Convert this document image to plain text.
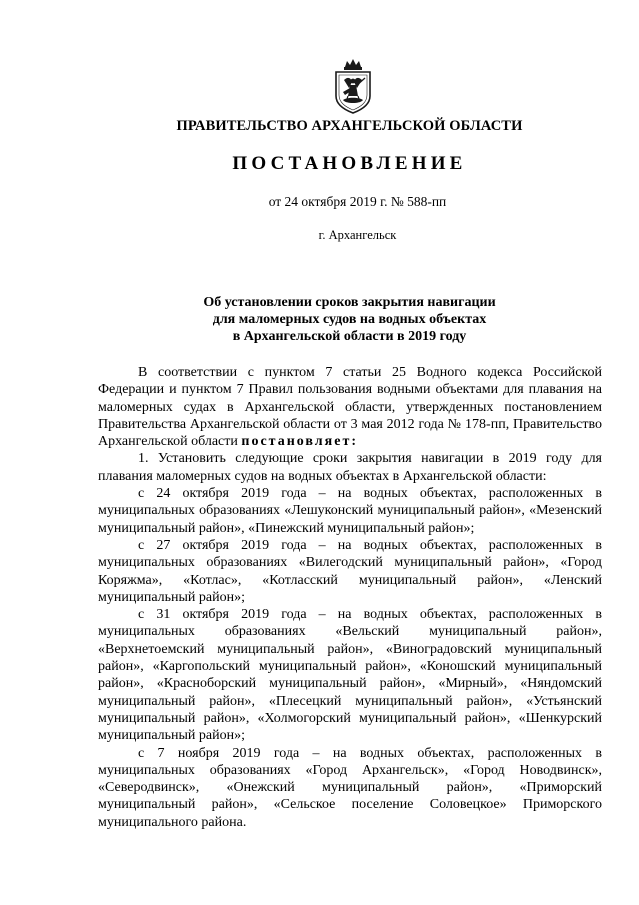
ПРАВИТЕЛЬСТВО АРХАНГЕЛЬСКОЙ ОБЛАСТИ
ПОСТАНОВЛЕНИЕ
от 24 октября 2019 г. № 588-пп
г. Архангельск
Об установлении сроков закрытия навигации
для маломерных судов на водных объектах
в Архангельской области в 2019 году

В соответствии с пунктом 7 статьи 25 Водного кодекса Российской Федерации и пунктом 7 Правил пользования водными объектами для плавания на маломерных судах в Архангельской области, утвержденных постановлением Правительства Архангельской области от 3 мая 2012 года № 178-пп, Правительство Архангельской области постановляет:

1. Установить следующие сроки закрытия навигации в 2019 году для плавания маломерных судов на водных объектах в Архангельской области:

с 24 октября 2019 года – на водных объектах, расположенных в муниципальных образованиях «Лешуконский муниципальный район», «Мезенский муниципальный район», «Пинежский муниципальный район»;

с 27 октября 2019 года – на водных объектах, расположенных в муниципальных образованиях «Вилегодский муниципальный район», «Город Коряжма», «Котлас», «Котласский муниципальный район», «Ленский муниципальный район»;

с 31 октября 2019 года – на водных объектах, расположенных в муниципальных образованиях «Вельский муниципальный район», «Верхнетоемский муниципальный район», «Виноградовский муниципальный район», «Каргопольский муниципальный район», «Коношский муниципальный район», «Красноборский муниципальный район», «Мирный», «Няндомский муниципальный район», «Плесецкий муниципальный район», «Устьянский муниципальный район», «Холмогорский муниципальный район», «Шенкурский муниципальный район»;

с 7 ноября 2019 года – на водных объектах, расположенных в муниципальных образованиях «Город Архангельск», «Город Новодвинск», «Северодвинск», «Онежский муниципальный район», «Приморский муниципальный район», «Сельское поселение Соловецкое» Приморского муниципального района.
